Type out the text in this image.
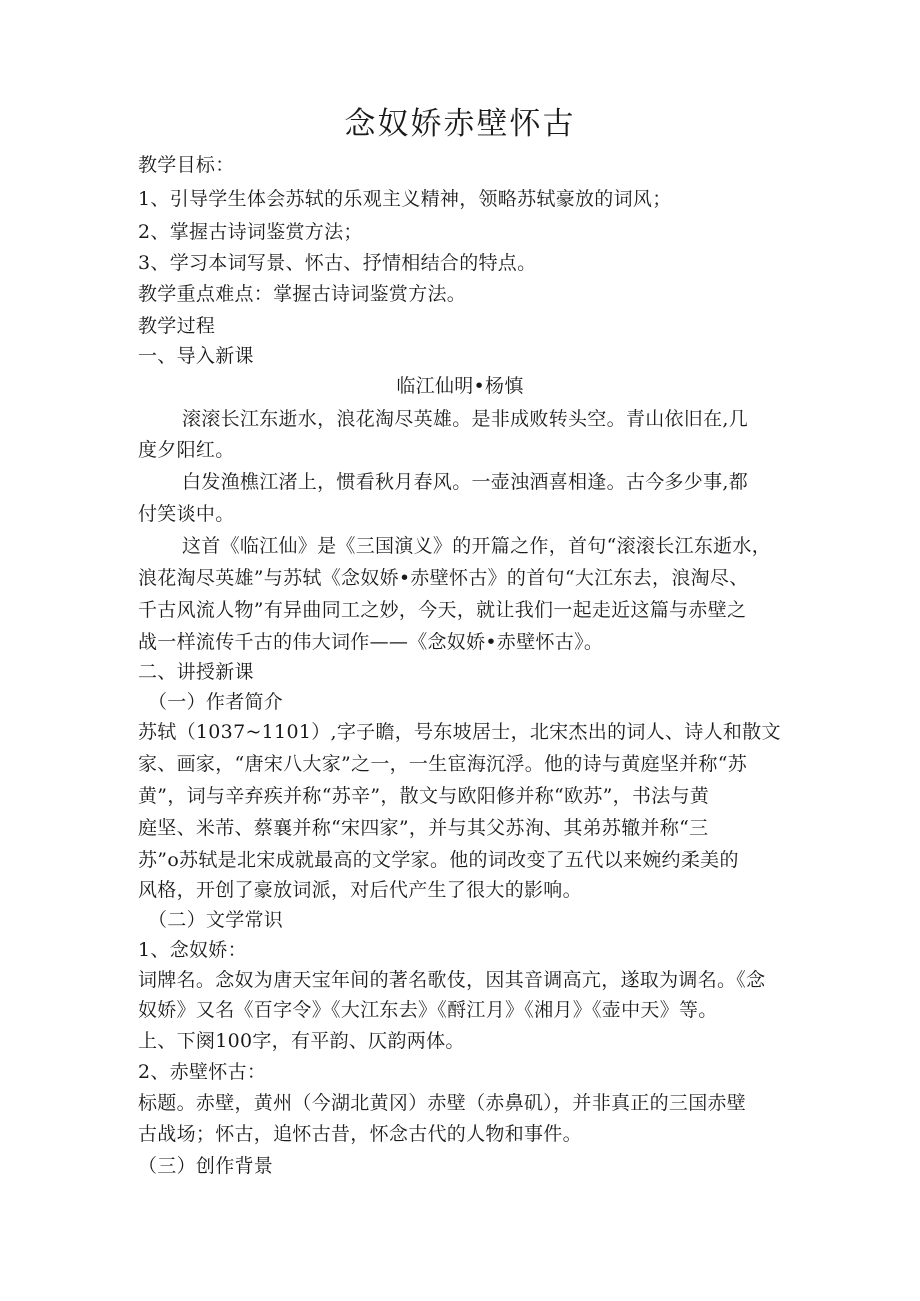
念奴娇赤壁怀古
教学目标：
1、引导学生体会苏轼的乐观主义精神，领略苏轼豪放的词风；
2、掌握古诗词鉴赏方法；
3、学习本词写景、怀古、抒情相结合的特点。
教学重点难点：掌握古诗词鉴赏方法。
教学过程
一、导入新课
临江仙明•杨慎
滚滚长江东逝水，浪花淘尽英雄。是非成败转头空。青山依旧在,几
度夕阳红。
白发渔樵江渚上，惯看秋月春风。一壶浊酒喜相逢。古今多少事,都
付笑谈中。
这首《临江仙》是《三国演义》的开篇之作，首句“滚滚长江东逝水，
浪花淘尽英雄”与苏轼《念奴娇•赤壁怀古》的首句“大江东去，浪淘尽、
千古风流人物”有异曲同工之妙，今天，就让我们一起走近这篇与赤壁之
战一样流传千古的伟大词作——《念奴娇•赤壁怀古》。
二、讲授新课
（一）作者简介
苏轼（1037~1101）,字子瞻，号东坡居士，北宋杰出的词人、诗人和散文
家、画家，“唐宋八大家”之一，一生宦海沉浮。他的诗与黄庭坚并称“苏
黄”，词与辛弃疾并称“苏辛”，散文与欧阳修并称“欧苏”，书法与黄
庭坚、米芾、蔡襄并称“宋四家”，并与其父苏洵、其弟苏辙并称“三
苏”o苏轼是北宋成就最高的文学家。他的词改变了五代以来婉约柔美的
风格，开创了豪放词派，对后代产生了很大的影响。
（二）文学常识
1、念奴娇：
词牌名。念奴为唐天宝年间的著名歌伎，因其音调高亢，遂取为调名。《念
奴娇》又名《百字令》《大江东去》《酹江月》《湘月》《壶中天》等。
上、下阕100字，有平韵、仄韵两体。
2、赤壁怀古：
标题。赤壁，黄州（今湖北黄冈）赤壁（赤鼻矶），并非真正的三国赤壁
古战场；怀古，追怀古昔，怀念古代的人物和事件。
（三）创作背景
